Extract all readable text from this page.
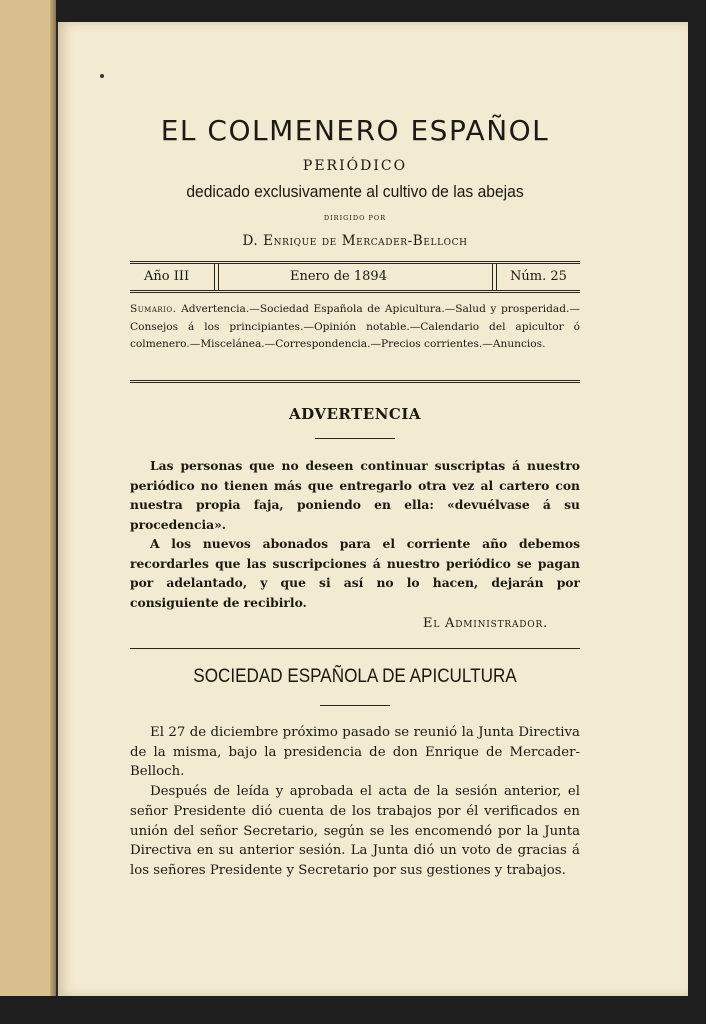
EL COLMENERO ESPAÑOL
PERIÓDICO
dedicado exclusivamente al cultivo de las abejas
DIRIGIDO POR
D. Enrique de Mercader-Belloch
Año III	Enero de 1894	Núm. 25
Sumario. Advertencia.—Sociedad Española de Apicultura.—Salud y prosperidad.—Consejos á los principiantes.—Opinión notable.—Calendario del apicultor ó colmenero.—Miscelánea.—Correspondencia.—Precios corrientes.—Anuncios.
ADVERTENCIA

Las personas que no deseen continuar suscriptas á nuestro periódico no tienen más que entregarlo otra vez al cartero con nuestra propia faja, poniendo en ella: «devuélvase á su procedencia».

A los nuevos abonados para el corriente año debemos recordarles que las suscripciones á nuestro periódico se pagan por adelantado, y que si así no lo hacen, dejarán por consiguiente de recibirlo.

El Administrador.
SOCIEDAD ESPAÑOLA DE APICULTURA

El 27 de diciembre próximo pasado se reunió la Junta Directiva de la misma, bajo la presidencia de don Enrique de Mercader-Belloch.

Después de leída y aprobada el acta de la sesión anterior, el señor Presidente dió cuenta de los trabajos por él verificados en unión del señor Secretario, según se les encomendó por la Junta Directiva en su anterior sesión. La Junta dió un voto de gracias á los señores Presidente y Secretario por sus gestiones y trabajos.
